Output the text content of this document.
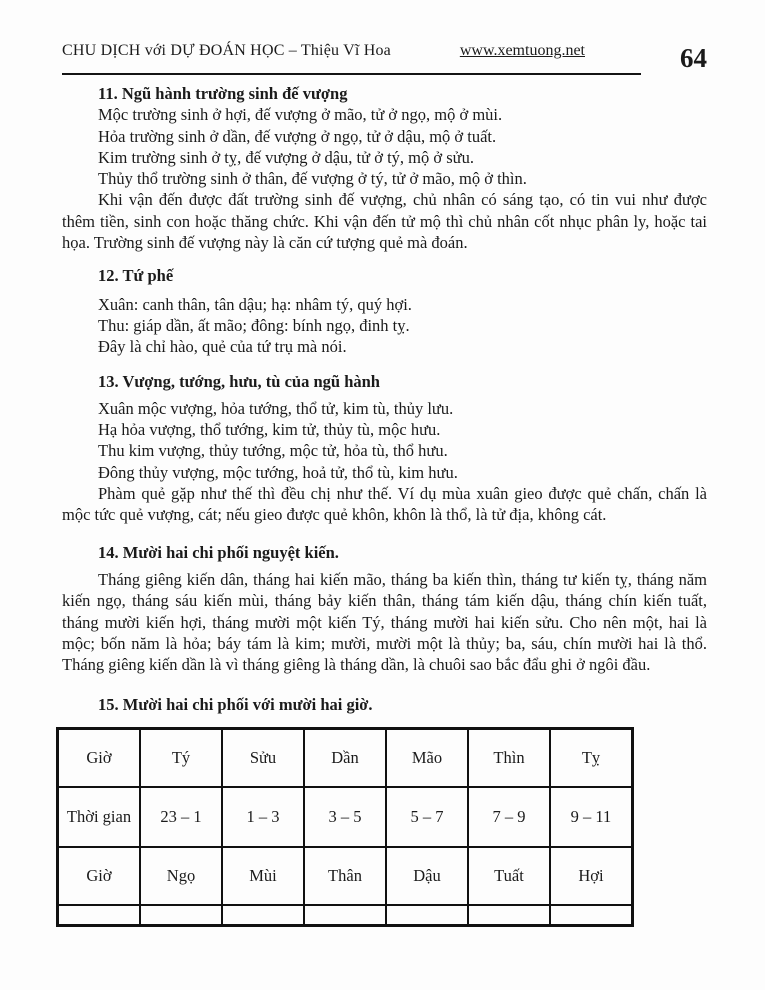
CHU DỊCH với DỰ ĐOÁN HỌC – Thiệu Vĩ Hoa	www.xemtuong.net	64
11. Ngũ hành trường sinh đế vượng
Mộc trường sinh ở hợi, đế vượng ở mão, tử ở ngọ, mộ ở mùi.
Hỏa trường sinh ở dần, đế vượng ở ngọ, tử ở dậu, mộ ở tuất.
Kim trường sinh ở tỵ, đế vượng ở dậu, tử ở tý, mộ ở sửu.
Thủy thổ trường sinh ở thân, đế vượng ở tý, tử ở mão, mộ ở thìn.

Khi vận đến được đất trường sinh đế vượng, chủ nhân có sáng tạo, có tin vui như được thêm tiền, sinh con hoặc thăng chức. Khi vận đến tử mộ thì chủ nhân cốt nhục phân ly, hoặc tai họa. Trường sinh đế vượng này là căn cứ tượng quẻ mà đoán.

12. Tứ phế
Xuân: canh thân, tân dậu; hạ: nhâm tý, quý hợi.
Thu: giáp dần, ất mão; đông: bính ngọ, đinh tỵ.
Đây là chỉ hào, quẻ của tứ trụ mà nói.
13. Vượng, tướng, hưu, tù của ngũ hành
Xuân mộc vượng, hỏa tướng, thổ tử, kim tù, thủy lưu.
Hạ hỏa vượng, thổ tướng, kim tử, thủy tù, mộc hưu.
Thu kim vượng, thủy tướng, mộc tử, hỏa tù, thổ hưu.
Đông thủy vượng, mộc tướng, hoả tử, thổ tù, kim hưu.

Phàm quẻ gặp như thế thì đều chị như thế. Ví dụ mùa xuân gieo được quẻ chấn, chấn là mộc tức quẻ vượng, cát; nếu gieo được quẻ khôn, khôn là thổ, là tử địa, không cát.

14. Mười hai chi phối nguyệt kiến.

Tháng giêng kiến dân, tháng hai kiến mão, tháng ba kiến thìn, tháng tư kiến tỵ, tháng năm kiến ngọ, tháng sáu kiến mùi, tháng bảy kiến thân, tháng tám kiến dậu, tháng chín kiến tuất, tháng mười kiến hợi, tháng mười một kiến Tý, tháng mười hai kiến sửu. Cho nên một, hai là mộc; bốn năm là hỏa; báy tám là kim; mười, mười một là thủy; ba, sáu, chín mười hai là thổ. Tháng giêng kiến dần là vì tháng giêng là tháng dần, là chuôi sao bắc đẩu ghi ở ngôi đầu.

15. Mười hai chi phối với mười hai giờ.
Giờ	Tý	Sửu	Dần	Mão	Thìn	Tỵ
Thời gian	23 – 1	1 – 3	3 – 5	5 – 7	7 – 9	9 – 11
Giờ	Ngọ	Mùi	Thân	Dậu	Tuất	Hợi
